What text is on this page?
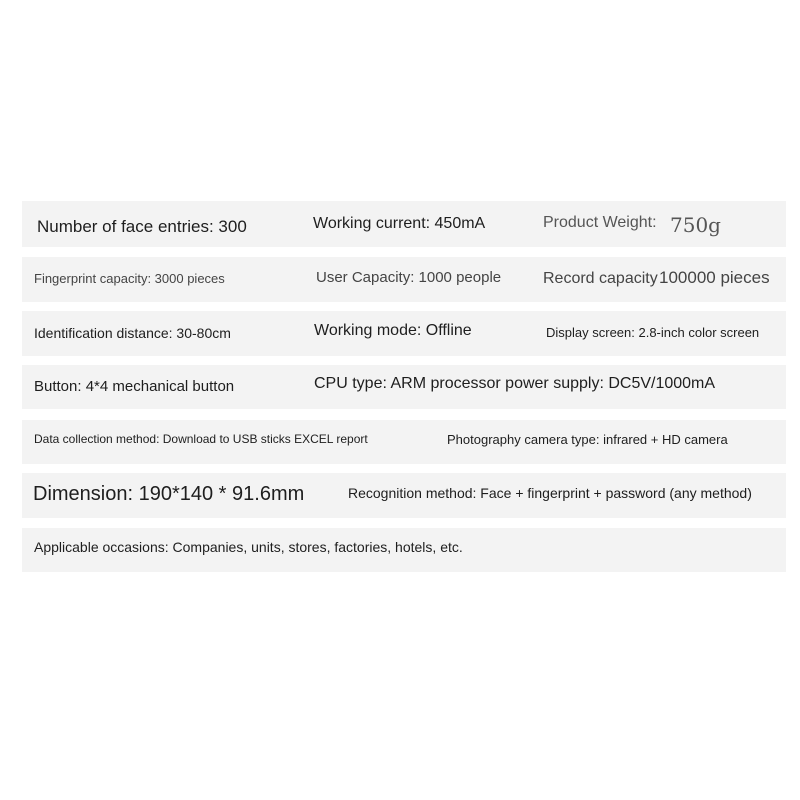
Number of face entries: 300	Working current: 450mA	Product Weight: 750g
Fingerprint capacity: 3000 pieces	User Capacity: 1000 people	Record capacity 100000 pieces
Identification distance: 30-80cm	Working mode: Offline	Display screen: 2.8-inch color screen
Button: 4*4 mechanical button	CPU type: ARM processor power supply: DC5V/1000mA
Data collection method: Download to USB sticks EXCEL report	Photography camera type: infrared + HD camera
Dimension: 190*140 * 91.6mm	Recognition method: Face + fingerprint + password (any method)
Applicable occasions: Companies, units, stores, factories, hotels, etc.
